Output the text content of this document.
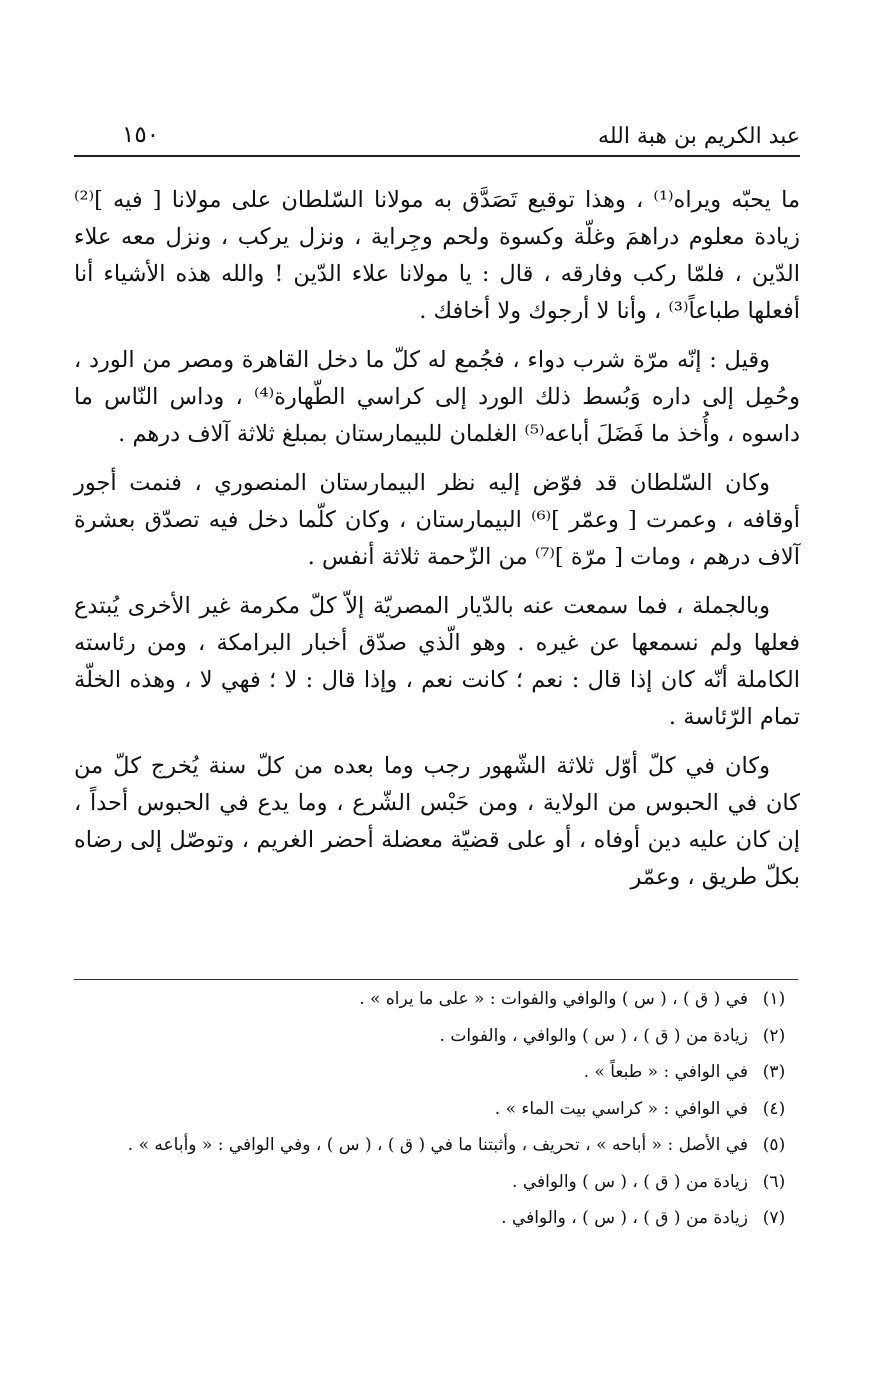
عبد الكريم بن هبة الله
١٥٠

ما يحبّه ويراه⁽¹⁾ ، وهذا توقيع تَصَدَّق به مولانا السّلطان على مولانا [ فيه ]⁽²⁾ زيادة معلوم دراهمَ وغلّة وكسوة ولحم وجِراية ، ونزل يركب ، ونزل معه علاء الدّين ، فلمّا ركب وفارقه ، قال : يا مولانا علاء الدّين ! والله هذه الأشياء أنا أفعلها طباعاً⁽³⁾ ، وأنا لا أرجوك ولا أخافك .

وقيل : إنّه مرّة شرب دواء ، فجُمع له كلّ ما دخل القاهرة ومصر من الورد ، وحُمِل إلى داره وَبُسط ذلك الورد إلى كراسي الطّهارة⁽⁴⁾ ، وداس النّاس ما داسوه ، وأُخذ ما فَضَلَ أباعه⁽⁵⁾ الغلمان للبيمارستان بمبلغ ثلاثة آلاف درهم .

وكان السّلطان قد فوّض إليه نظر البيمارستان المنصوري ، فنمت أجور أوقافه ، وعمرت [ وعمّر ]⁽⁶⁾ البيمارستان ، وكان كلّما دخل فيه تصدّق بعشرة آلاف درهم ، ومات [ مرّة ]⁽⁷⁾ من الزّحمة ثلاثة أنفس .

وبالجملة ، فما سمعت عنه بالدّيار المصريّة إلاّ كلّ مكرمة غير الأخرى يُبتدع فعلها ولم نسمعها عن غيره . وهو الّذي صدّق أخبار البرامكة ، ومن رئاسته الكاملة أنّه كان إذا قال : نعم ؛ كانت نعم ، وإذا قال : لا ؛ فهي لا ، وهذه الخلّة تمام الرّئاسة .

وكان في كلّ أوّل ثلاثة الشّهور رجب وما بعده من كلّ سنة يُخرج كلّ من كان في الحبوس من الولاية ، ومن حَبْس الشّرع ، وما يدع في الحبوس أحداً ، إن كان عليه دين أوفاه ، أو على قضيّة معضلة أحضر الغريم ، وتوصّل إلى رضاه بكلّ طريق ، وعمّر

(١)
في ( ق ) ، ( س ) والوافي والفوات : « على ما يراه » .
(٢)
زيادة من ( ق ) ، ( س ) والوافي ، والفوات .
(٣)
في الوافي : « طبعاً » .
(٤)
في الوافي : « كراسي بيت الماء » .
(٥)
في الأصل : « أباحه » ، تحريف ، وأثبتنا ما في ( ق ) ، ( س ) ، وفي الوافي : « وأباعه » .
(٦)
زيادة من ( ق ) ، ( س ) والوافي .
(٧)
زيادة من ( ق ) ، ( س ) ، والوافي .
